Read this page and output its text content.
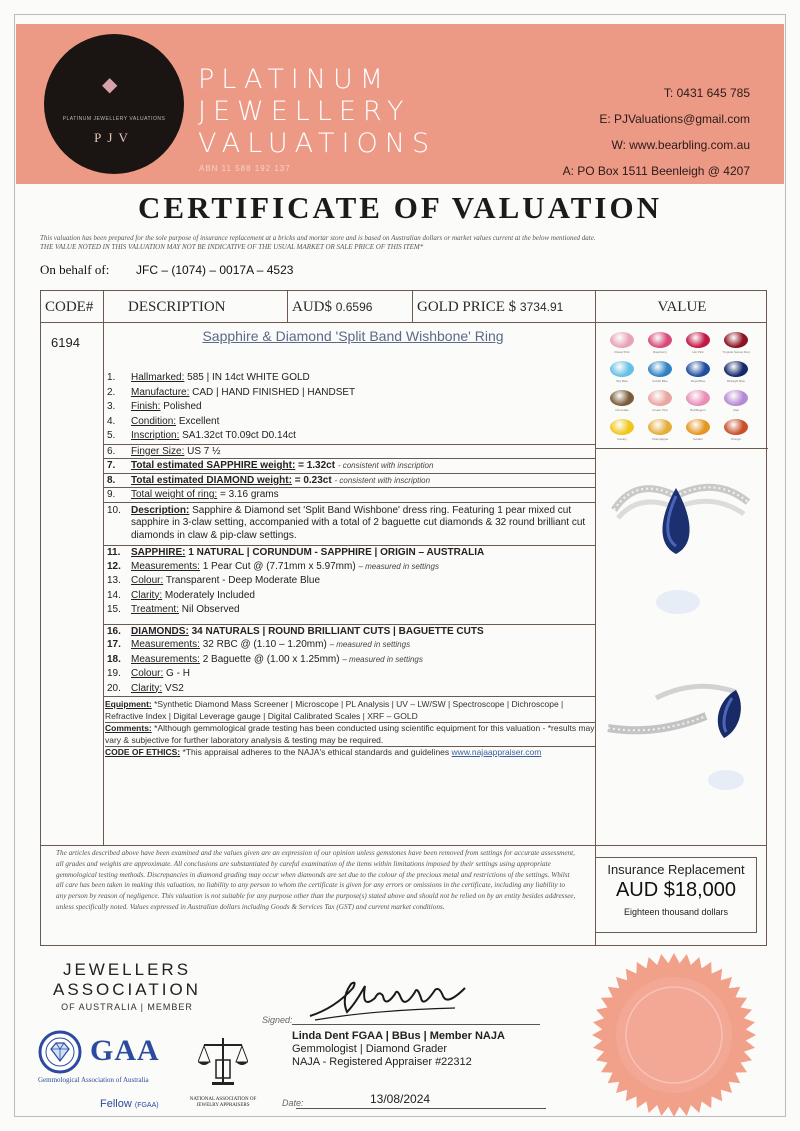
◆
PLATINUM JEWELLERY VALUATIONS
PJV
PLATINUM
JEWELLERY
VALUATIONS
ABN 11 588 192 137
T: 0431 645 785
E: PJValuations@gmail.com
W: www.bearbling.com.au
A: PO Box 1511 Beenleigh @ 4207
CERTIFICATE OF VALUATION
This valuation has been prepared for the sole purpose of insurance replacement at a bricks and mortar store and is based on Australian dollars or market values current at the below mentioned date.
THE VALUE NOTED IN THIS VALUATION MAY NOT BE INDICATIVE OF THE USUAL MARKET OR SALE PRICE OF THIS ITEM*
On behalf of: JFC – (1074) – 0017A – 4523
CODE#	DESCRIPTION	AUD$ 0.6596	GOLD PRICE $ 3734.91	VALUE
6194	Sapphire & Diamond 'Split Band Wishbone' Ring
1. Hallmarked: 585 | IN 14ct WHITE GOLD
2. Manufacture: CAD | HAND FINISHED | HANDSET
3. Finish: Polished
4. Condition: Excellent
5. Inscription: SA1.32ct T0.09ct D0.14ct
6. Finger Size: US 7 ½
7. Total estimated SAPPHIRE weight: = 1.32ct - consistent with inscription
8. Total estimated DIAMOND weight: = 0.23ct - consistent with inscription
9. Total weight of ring: = 3.16 grams
10. Description: Sapphire & Diamond set 'Split Band Wishbone' dress ring. Featuring 1 pear mixed cut sapphire in 3-claw setting, accompanied with a total of 2 baguette cut diamonds & 32 round brilliant cut diamonds in claw & pip-claw settings.
11. SAPPHIRE: 1 NATURAL | CORUNDUM - SAPPHIRE | ORIGIN – AUSTRALIA
12. Measurements: 1 Pear Cut @ (7.71mm x 5.97mm) – measured in settings
13. Colour: Transparent - Deep Moderate Blue
14. Clarity: Moderately Included
15. Treatment: Nil Observed
16. DIAMONDS: 34 NATURALS | ROUND BRILLIANT CUTS | BAGUETTE CUTS
17. Measurements: 32 RBC @ (1.10 – 1.20mm) – measured in settings
18. Measurements: 2 Baguette @ (1.00 x 1.25mm) – measured in settings
19. Colour: G - H
20. Clarity: VS2
Equipment: *Synthetic Diamond Mass Screener | Microscope | PL Analysis | UV – LW/SW | Spectroscope | Dichroscope | Refractive Index | Digital Leverage gauge | Digital Calibrated Scales | XRF – GOLD
Comments: *Although gemmological grade testing has been conducted using scientific equipment for this valuation - *results may vary & subjective for further laboratory analysis & testing may be required.
CODE OF ETHICS: *This appraisal adheres to the NAJA's ethical standards and guidelines www.najaappraiser.com
Pastel Pink	Raspberry	Hot Pink	Tropical Sunset Red
Sky Blue	Cobalt Blue	Royal Blue	Midnight Blue
Chocolate	Cream Pink	Bubblegum	Lilac
Canary	Champagne	Golden	Orange
The articles described above have been examined and the values given are an expression of our opinion unless gemstones have been removed from settings for accurate assessment, all grades and weights are approximate. All conclusions are substantiated by careful examination of the items within limitations imposed by their settings using appropriate gemmological testing methods. Discrepancies in diamond grading may occur when diamonds are set due to the colour of the precious metal and restrictions of the settings. Whilst all care has been taken in making this valuation, no liability to any person to whom the certificate is given for any errors or omissions in the certificate, including any liability to any person by reason of negligence. This valuation is not suitable for any purpose other than the purpose(s) stated above and should not be relied on by an entity besides addressee, unless specifically noted. Values expressed in Australian dollars including Goods & Services Tax (GST) and current market conditions.
Insurance Replacement
AUD $18,000
Eighteen thousand dollars
JEWELLERS
ASSOCIATION
OF AUSTRALIA | MEMBER
GAA
Gemmological Association of Australia
Fellow (FGAA)
NATIONAL ASSOCIATION OF JEWELRY APPRAISERS
Signed:
Linda Dent FGAA | BBus | Member NAJA
Gemmologist | Diamond Grader
NAJA - Registered Appraiser #22312
Date:	13/08/2024
